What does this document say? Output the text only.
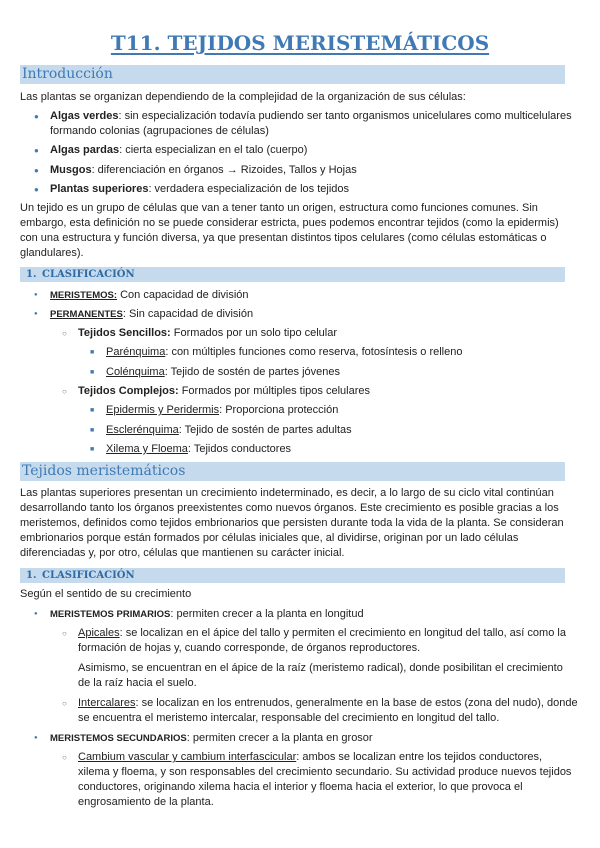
T11. TEJIDOS MERISTEMÁTICOS
Introducción
Las plantas se organizan dependiendo de la complejidad de la organización de sus células:
● Algas verdes: sin especialización todavía pudiendo ser tanto organismos unicelulares como multicelulares formando colonias (agrupaciones de células)
● Algas pardas: cierta especializan en el talo (cuerpo)
● Musgos: diferenciación en órganos → Rizoides, Tallos y Hojas
● Plantas superiores: verdadera especialización de los tejidos
Un tejido es un grupo de células que van a tener tanto un origen, estructura como funciones comunes. Sin embargo, esta definición no se puede considerar estricta, pues podemos encontrar tejidos (como la epidermis) con una estructura y función diversa, ya que presentan distintos tipos celulares (como células estomáticas o glandulares).
1. CLASIFICACIÓN
● MERISTEMOS: Con capacidad de división
● PERMANENTES: Sin capacidad de división
○ Tejidos Sencillos: Formados por un solo tipo celular
■ Parénquima: con múltiples funciones como reserva, fotosíntesis o relleno
■ Colénquima: Tejido de sostén de partes jóvenes
○ Tejidos Complejos: Formados por múltiples tipos celulares
■ Epidermis y Peridermis: Proporciona protección
■ Esclerénquima: Tejido de sostén de partes adultas
■ Xilema y Floema: Tejidos conductores
Tejidos meristemáticos
Las plantas superiores presentan un crecimiento indeterminado, es decir, a lo largo de su ciclo vital continúan desarrollando tanto los órganos preexistentes como nuevos órganos. Este crecimiento es posible gracias a los meristemos, definidos como tejidos embrionarios que persisten durante toda la vida de la planta. Se consideran embrionarios porque están formados por células iniciales que, al dividirse, originan por un lado células diferenciadas y, por otro, células que mantienen su carácter inicial.
1. CLASIFICACIÓN
Según el sentido de su crecimiento
● MERISTEMOS PRIMARIOS: permiten crecer a la planta en longitud
○ Apicales: se localizan en el ápice del tallo y permiten el crecimiento en longitud del tallo, así como la formación de hojas y, cuando corresponde, de órganos reproductores.
Asimismo, se encuentran en el ápice de la raíz (meristemo radical), donde posibilitan el crecimiento de la raíz hacia el suelo.
○ Intercalares: se localizan en los entrenudos, generalmente en la base de estos (zona del nudo), donde se encuentra el meristemo intercalar, responsable del crecimiento en longitud del tallo.
● MERISTEMOS SECUNDARIOS: permiten crecer a la planta en grosor
○ Cambium vascular y cambium interfascicular: ambos se localizan entre los tejidos conductores, xilema y floema, y son responsables del crecimiento secundario. Su actividad produce nuevos tejidos conductores, originando xilema hacia el interior y floema hacia el exterior, lo que provoca el engrosamiento de la planta.
